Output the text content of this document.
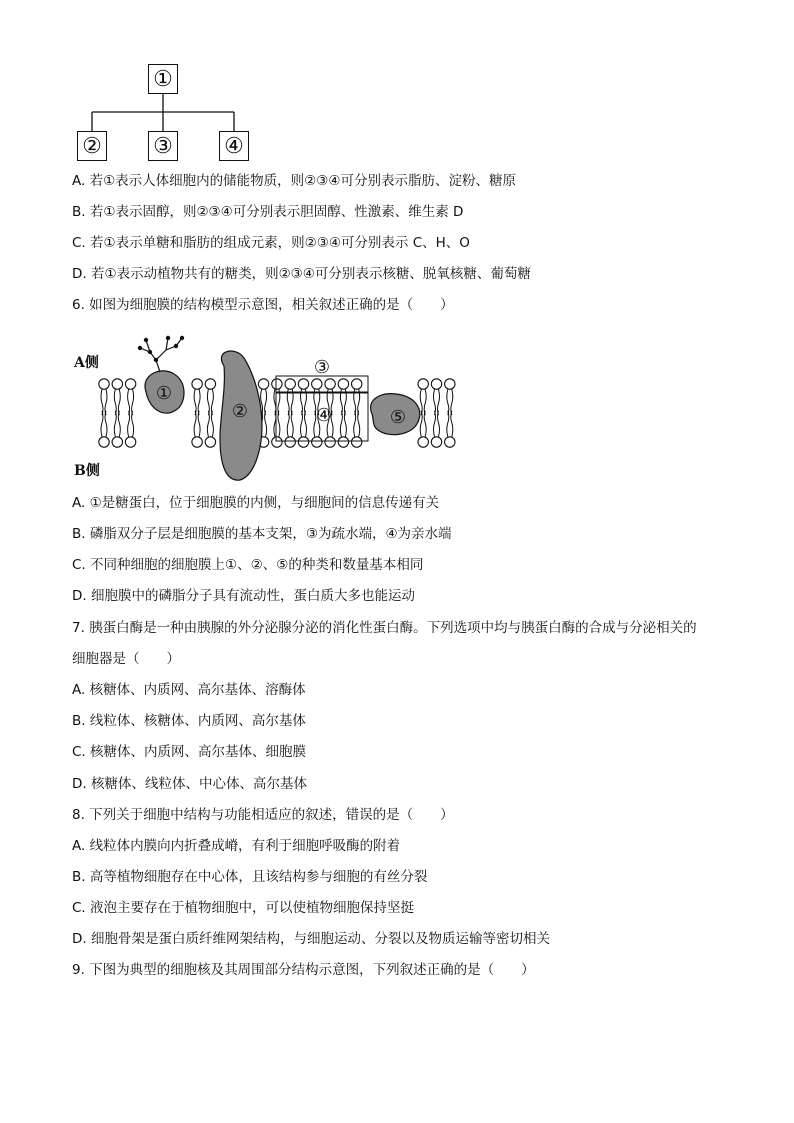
①
② ③ ④
A. 若①表示人体细胞内的储能物质，则②③④可分别表示脂肪、淀粉、糖原
B. 若①表示固醇，则②③④可分别表示胆固醇、性激素、维生素 D
C. 若①表示单糖和脂肪的组成元素，则②③④可分别表示 C、H、O
D. 若①表示动植物共有的糖类，则②③④可分别表示核糖、脱氧核糖、葡萄糖
6. 如图为细胞膜的结构模型示意图，相关叙述正确的是（　　）
A侧
B侧
①
②
③
④	⑤
A. ①是糖蛋白，位于细胞膜的内侧，与细胞间的信息传递有关
B. 磷脂双分子层是细胞膜的基本支架，③为疏水端，④为亲水端
C. 不同种细胞的细胞膜上①、②、⑤的种类和数量基本相同
D. 细胞膜中的磷脂分子具有流动性，蛋白质大多也能运动
7. 胰蛋白酶是一种由胰腺的外分泌腺分泌的消化性蛋白酶。下列选项中均与胰蛋白酶的合成与分泌相关的
细胞器是（　　）
A. 核糖体、内质网、高尔基体、溶酶体
B. 线粒体、核糖体、内质网、高尔基体
C. 核糖体、内质网、高尔基体、细胞膜
D. 核糖体、线粒体、中心体、高尔基体
8. 下列关于细胞中结构与功能相适应的叙述，错误的是（　　）
A. 线粒体内膜向内折叠成嵴，有利于细胞呼吸酶的附着
B. 高等植物细胞存在中心体，且该结构参与细胞的有丝分裂
C. 液泡主要存在于植物细胞中，可以使植物细胞保持坚挺
D. 细胞骨架是蛋白质纤维网架结构，与细胞运动、分裂以及物质运输等密切相关
9. 下图为典型的细胞核及其周围部分结构示意图，下列叙述正确的是（　　）
